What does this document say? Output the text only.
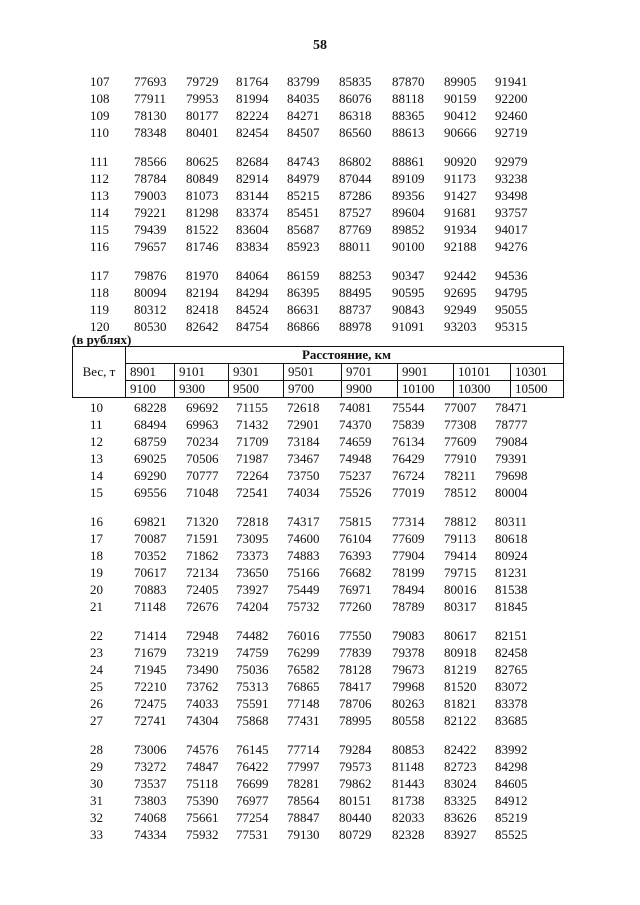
58
107 77693 79729 81764 83799 85835 87870 89905 91941
108 77911 79953 81994 84035 86076 88118 90159 92200
109 78130 80177 82224 84271 86318 88365 90412 92460
110 78348 80401 82454 84507 86560 88613 90666 92719
111 78566 80625 82684 84743 86802 88861 90920 92979
112 78784 80849 82914 84979 87044 89109 91173 93238
113 79003 81073 83144 85215 87286 89356 91427 93498
114 79221 81298 83374 85451 87527 89604 91681 93757
115 79439 81522 83604 85687 87769 89852 91934 94017
116 79657 81746 83834 85923 88011 90100 92188 94276
117 79876 81970 84064 86159 88253 90347 92442 94536
118 80094 82194 84294 86395 88495 90595 92695 94795
119 80312 82418 84524 86631 88737 90843 92949 95055
120 80530 82642 84754 86866 88978 91091 93203 95315
(в рублях)
Вес, т	Расстояние, км							
	8901	9101	9301	9501	9701	9901	10101	10301
	9100	9300	9500	9700	9900	10100	10300	10500
10 68228 69692 71155 72618 74081 75544 77007 78471
11 68494 69963 71432 72901 74370 75839 77308 78777
12 68759 70234 71709 73184 74659 76134 77609 79084
13 69025 70506 71987 73467 74948 76429 77910 79391
14 69290 70777 72264 73750 75237 76724 78211 79698
15 69556 71048 72541 74034 75526 77019 78512 80004
16 69821 71320 72818 74317 75815 77314 78812 80311
17 70087 71591 73095 74600 76104 77609 79113 80618
18 70352 71862 73373 74883 76393 77904 79414 80924
19 70617 72134 73650 75166 76682 78199 79715 81231
20 70883 72405 73927 75449 76971 78494 80016 81538
21 71148 72676 74204 75732 77260 78789 80317 81845
22 71414 72948 74482 76016 77550 79083 80617 82151
23 71679 73219 74759 76299 77839 79378 80918 82458
24 71945 73490 75036 76582 78128 79673 81219 82765
25 72210 73762 75313 76865 78417 79968 81520 83072
26 72475 74033 75591 77148 78706 80263 81821 83378
27 72741 74304 75868 77431 78995 80558 82122 83685
28 73006 74576 76145 77714 79284 80853 82422 83992
29 73272 74847 76422 77997 79573 81148 82723 84298
30 73537 75118 76699 78281 79862 81443 83024 84605
31 73803 75390 76977 78564 80151 81738 83325 84912
32 74068 75661 77254 78847 80440 82033 83626 85219
33 74334 75932 77531 79130 80729 82328 83927 85525
